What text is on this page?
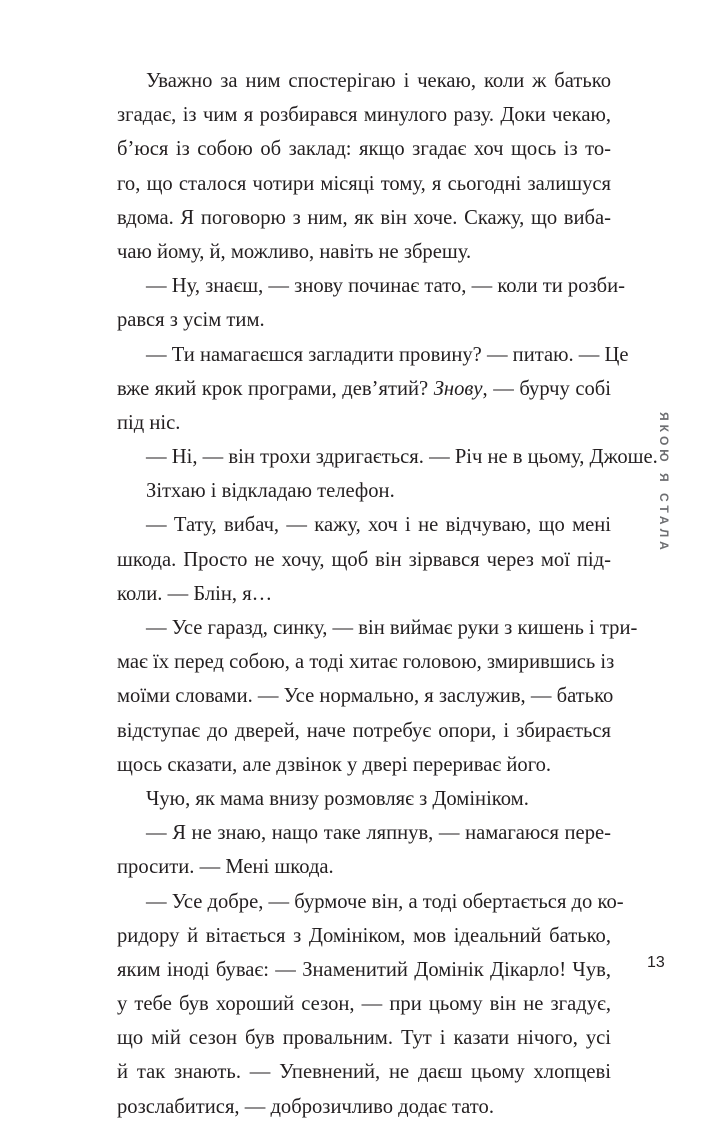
Уважно за ним спостерігаю і чекаю, коли ж батько
згадає, із чим я розбирався минулого разу. Доки чекаю,
б’юся із собою об заклад: якщо згадає хоч щось із то-
го, що сталося чотири місяці тому, я сьогодні залишуся
вдома. Я поговорю з ним, як він хоче. Скажу, що виба-
чаю йому, й, можливо, навіть не збрешу.
— Ну, знаєш, — знову починає тато, — коли ти розби-
рався з усім тим.
— Ти намагаєшся загладити провину? — питаю. — Це
вже який крок програми, дев’ятий? Знову, — бурчу собі
під ніс.
— Ні, — він трохи здригається. — Річ не в цьому, Джоше.
Зітхаю і відкладаю телефон.
— Тату, вибач, — кажу, хоч і не відчуваю, що мені
шкода. Просто не хочу, щоб він зірвався через мої під-
коли. — Блін, я…
— Усе гаразд, синку, — він виймає руки з кишень і три-
має їх перед собою, а тоді хитає головою, змирившись із
моїми словами. — Усе нормально, я заслужив, — батько
відступає до дверей, наче потребує опори, і збирається
щось сказати, але дзвінок у двері перериває його.
Чую, як мама внизу розмовляє з Домініком.
— Я не знаю, нащо таке ляпнув, — намагаюся пере-
просити. — Мені шкода.
— Усе добре, — бурмоче він, а тоді обертається до ко-
ридору й вітається з Домініком, мов ідеальний батько,
яким іноді буває: — Знаменитий Домінік Дікарло! Чув,
у тебе був хороший сезон, — при цьому він не згадує,
що мій сезон був провальним. Тут і казати нічого, усі
й так знають. — Упевнений, не даєш цьому хлопцеві
розслабитися, — доброзичливо додає тато.
ЯКОЮ Я СТАЛА
13
